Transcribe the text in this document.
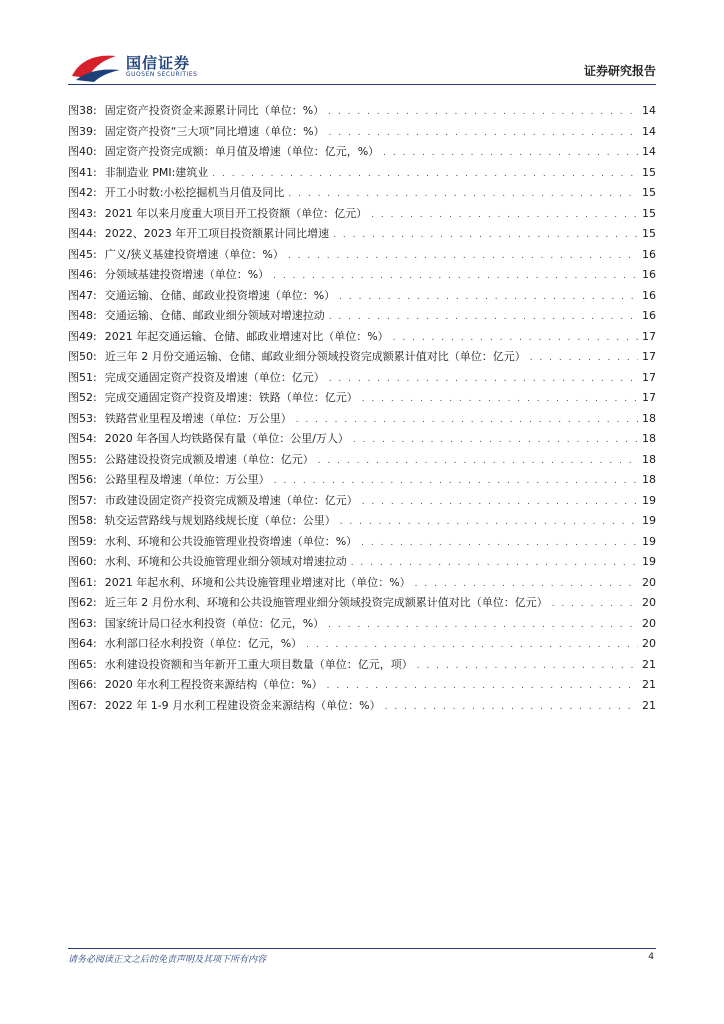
国信证券
GUOSEN SECURITIES	证券研究报告
图38: 固定资产投资资金来源累计同比（单位：%） . . .	14
图39: 固定资产投资“三大项”同比增速（单位：%） . . .	14
图40: 固定资产投资完成额：单月值及增速（单位：亿元，%） . . .	14
图41: 非制造业 PMI:建筑业 . . .	15
图42: 开工小时数:小松挖掘机当月值及同比 . . .	15
图43: 2021 年以来月度重大项目开工投资额（单位：亿元） . . .	15
图44: 2022、2023 年开工项目投资额累计同比增速 . . .	15
图45: 广义/狭义基建投资增速（单位：%） . . .	16
图46: 分领域基建投资增速（单位：%） . . .	16
图47: 交通运输、仓储、邮政业投资增速（单位：%） . . .	16
图48: 交通运输、仓储、邮政业细分领域对增速拉动 . . .	16
图49: 2021 年起交通运输、仓储、邮政业增速对比（单位：%） . . .	17
图50: 近三年 2 月份交通运输、仓储、邮政业细分领域投资完成额累计值对比（单位：亿元） . . .	17
图51: 完成交通固定资产投资及增速（单位：亿元） . . .	17
图52: 完成交通固定资产投资及增速：铁路（单位：亿元） . . .	17
图53: 铁路营业里程及增速（单位：万公里） . . .	18
图54: 2020 年各国人均铁路保有量（单位：公里/万人） . . .	18
图55: 公路建设投资完成额及增速（单位：亿元） . . .	18
图56: 公路里程及增速（单位：万公里） . . .	18
图57: 市政建设固定资产投资完成额及增速（单位：亿元） . . .	19
图58: 轨交运营路线与规划路线规长度（单位：公里） . . .	19
图59: 水利、环境和公共设施管理业投资增速（单位：%） . . .	19
图60: 水利、环境和公共设施管理业细分领域对增速拉动 . . .	19
图61: 2021 年起水利、环境和公共设施管理业增速对比（单位：%） . . .	20
图62: 近三年 2 月份水利、环境和公共设施管理业细分领域投资完成额累计值对比（单位：亿元） . . .	20
图63: 国家统计局口径水利投资（单位：亿元，%） . . .	20
图64: 水利部口径水利投资（单位：亿元，%） . . .	20
图65: 水利建设投资额和当年新开工重大项目数量（单位：亿元，项） . . .	21
图66: 2020 年水利工程投资来源结构（单位：%） . . .	21
图67: 2022 年 1-9 月水利工程建设资金来源结构（单位：%） . . .	21
请务必阅读正文之后的免责声明及其项下所有内容	4
